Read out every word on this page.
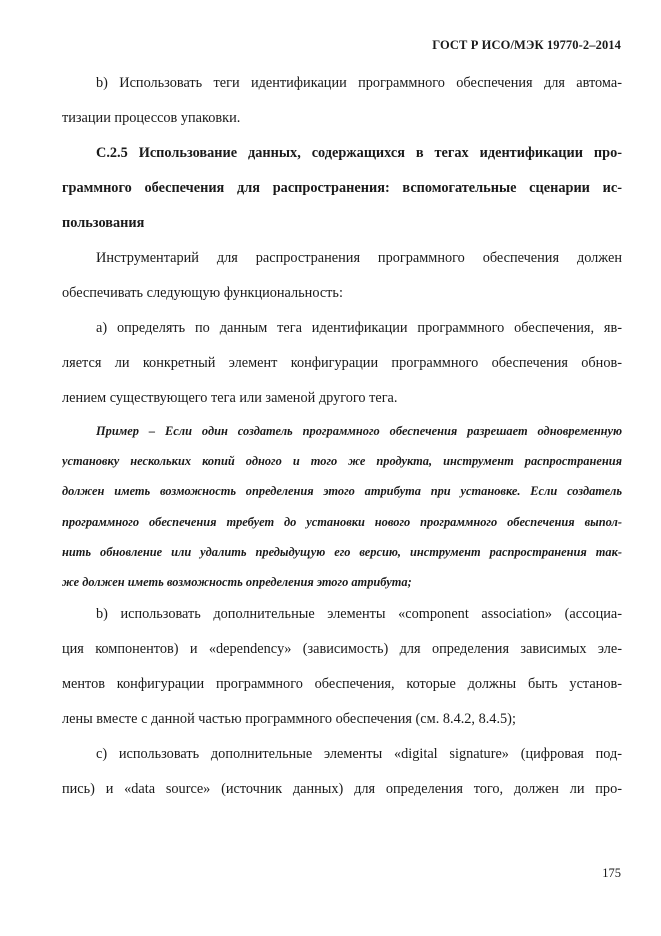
ГОСТ Р ИСО/МЭК 19770-2–2014
b) Использовать теги идентификации программного обеспечения для автома-
тизации процессов упаковки.
С.2.5 Использование данных, содержащихся в тегах идентификации про-
граммного обеспечения для распространения: вспомогательные сценарии ис-
пользования
Инструментарий для распространения программного обеспечения должен
обеспечивать следующую функциональность:
а) определять по данным тега идентификации программного обеспечения, яв-
ляется ли конкретный элемент конфигурации программного обеспечения обнов-
лением существующего тега или заменой другого тега.
Пример – Если один создатель программного обеспечения разрешает одновременную
установку нескольких копий одного и того же продукта, инструмент распространения
должен иметь возможность определения этого атрибута при установке. Если создатель
программного обеспечения требует до установки нового программного обеспечения выпол-
нить обновление или удалить предыдущую его версию, инструмент распространения так-
же должен иметь возможность определения этого атрибута;
b) использовать дополнительные элементы «component association» (ассоциа-
ция компонентов) и «dependency» (зависимость) для определения зависимых эле-
ментов конфигурации программного обеспечения, которые должны быть установ-
лены вместе с данной частью программного обеспечения (см. 8.4.2, 8.4.5);
с) использовать дополнительные элементы «digital signature» (цифровая под-
пись) и «data source» (источник данных) для определения того, должен ли про-
175
